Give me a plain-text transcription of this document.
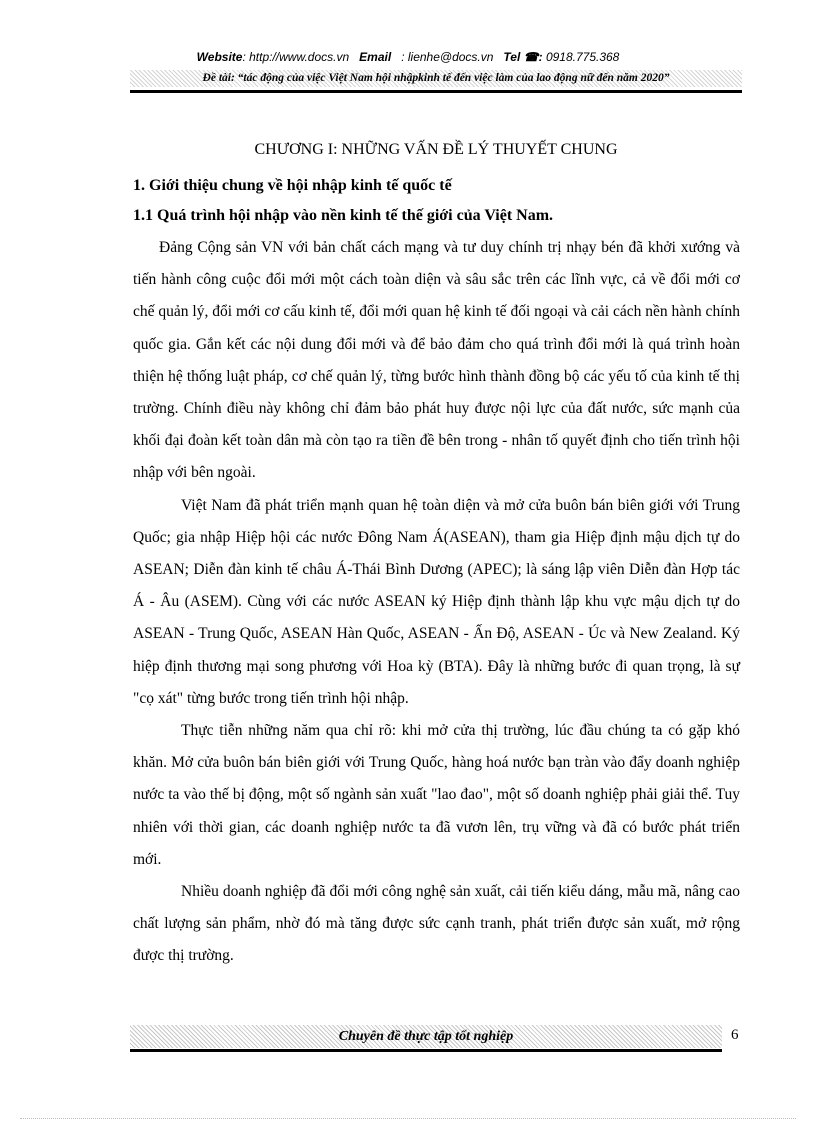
Website: http://www.docs.vn Email : lienhe@docs.vn Tel ☎: 0918.775.368
Đề tài: “tác động của việc Việt Nam hội nhậpkinh tế đến việc làm của lao động nữ đến năm 2020”
CHƯƠNG I: NHỮNG VẤN ĐỀ LÝ THUYẾT CHUNG
1. Giới thiệu chung về hội nhập kinh tế quốc tế
1.1 Quá trình hội nhập vào nền kinh tế thế giới của Việt Nam.

Đảng Cộng sản VN với bản chất cách mạng và tư duy chính trị nhạy bén đã khởi xướng và tiến hành công cuộc đổi mới một cách toàn diện và sâu sắc trên các lĩnh vực, cả về đổi mới cơ chế quản lý, đổi mới cơ cấu kinh tế, đổi mới quan hệ kinh tế đối ngoại và cải cách nền hành chính quốc gia. Gắn kết các nội dung đổi mới và để bảo đảm cho quá trình đổi mới là quá trình hoàn thiện hệ thống luật pháp, cơ chế quản lý, từng bước hình thành đồng bộ các yếu tố của kinh tế thị trường. Chính điều này không chỉ đảm bảo phát huy được nội lực của đất nước, sức mạnh của khối đại đoàn kết toàn dân mà còn tạo ra tiền đề bên trong - nhân tố quyết định cho tiến trình hội nhập với bên ngoài.

Việt Nam đã phát triển mạnh quan hệ toàn diện và mở cửa buôn bán biên giới với Trung Quốc; gia nhập Hiệp hội các nước Đông Nam Á(ASEAN), tham gia Hiệp định mậu dịch tự do ASEAN; Diễn đàn kinh tế châu Á-Thái Bình Dương (APEC); là sáng lập viên Diễn đàn Hợp tác Á - Âu (ASEM). Cùng với các nước ASEAN ký Hiệp định thành lập khu vực mậu dịch tự do ASEAN - Trung Quốc, ASEAN Hàn Quốc, ASEAN - Ấn Độ, ASEAN - Úc và New Zealand. Ký hiệp định thương mại song phương với Hoa kỳ (BTA). Đây là những bước đi quan trọng, là sự "cọ xát" từng bước trong tiến trình hội nhập.

Thực tiễn những năm qua chỉ rõ: khi mở cửa thị trường, lúc đầu chúng ta có gặp khó khăn. Mở cửa buôn bán biên giới với Trung Quốc, hàng hoá nước bạn tràn vào đẩy doanh nghiệp nước ta vào thế bị động, một số ngành sản xuất "lao đao", một số doanh nghiệp phải giải thể. Tuy nhiên với thời gian, các doanh nghiệp nước ta đã vươn lên, trụ vững và đã có bước phát triển mới.

Nhiều doanh nghiệp đã đổi mới công nghệ sản xuất, cải tiến kiểu dáng, mẫu mã, nâng cao chất lượng sản phẩm, nhờ đó mà tăng được sức cạnh tranh, phát triển được sản xuất, mở rộng được thị trường.

Chuyên đề thực tập tốt nghiệp	6
